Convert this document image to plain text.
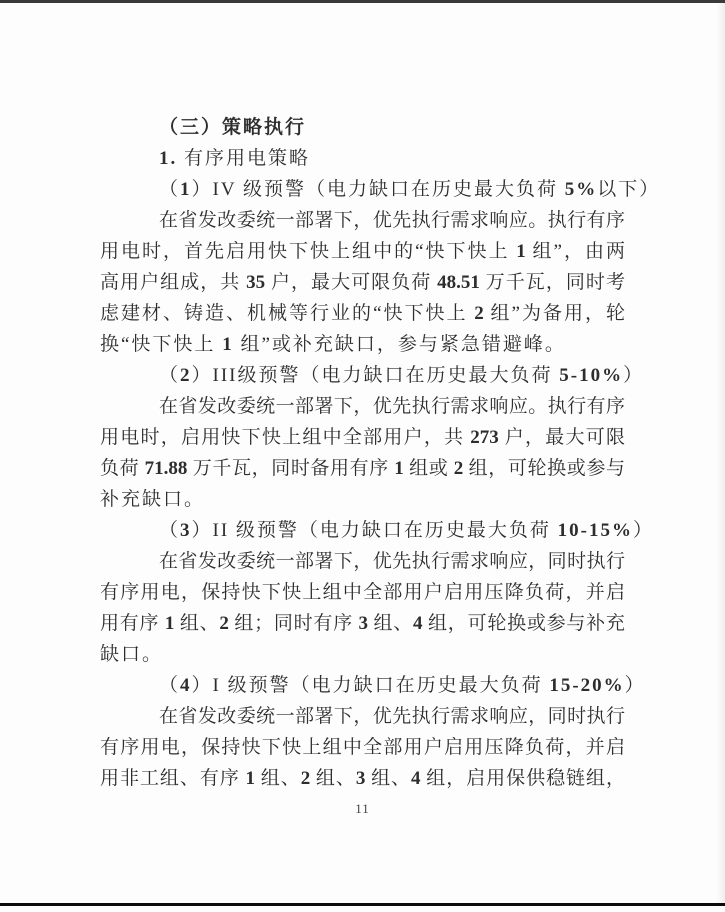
（三）策略执行
1. 有序用电策略
（1）IV 级预警（电力缺口在历史最大负荷 5%以下）
在省发改委统一部署下，优先执行需求响应。执行有序
用电时，首先启用快下快上组中的“快下快上 1 组”，由两
高用户组成，共 35 户，最大可限负荷 48.51 万千瓦，同时考
虑建材、铸造、机械等行业的“快下快上 2 组”为备用，轮
换“快下快上 1 组”或补充缺口，参与紧急错避峰。
（2）III级预警（电力缺口在历史最大负荷 5-10%）
在省发改委统一部署下，优先执行需求响应。执行有序
用电时，启用快下快上组中全部用户，共 273 户，最大可限
负荷 71.88 万千瓦，同时备用有序 1 组或 2 组，可轮换或参与
补充缺口。
（3）II 级预警（电力缺口在历史最大负荷 10-15%）
在省发改委统一部署下，优先执行需求响应，同时执行
有序用电，保持快下快上组中全部用户启用压降负荷，并启
用有序 1 组、2 组；同时有序 3 组、4 组，可轮换或参与补充
缺口。
（4）I 级预警（电力缺口在历史最大负荷 15-20%）
在省发改委统一部署下，优先执行需求响应，同时执行
有序用电，保持快下快上组中全部用户启用压降负荷，并启
用非工组、有序 1 组、2 组、3 组、4 组，启用保供稳链组，
11
